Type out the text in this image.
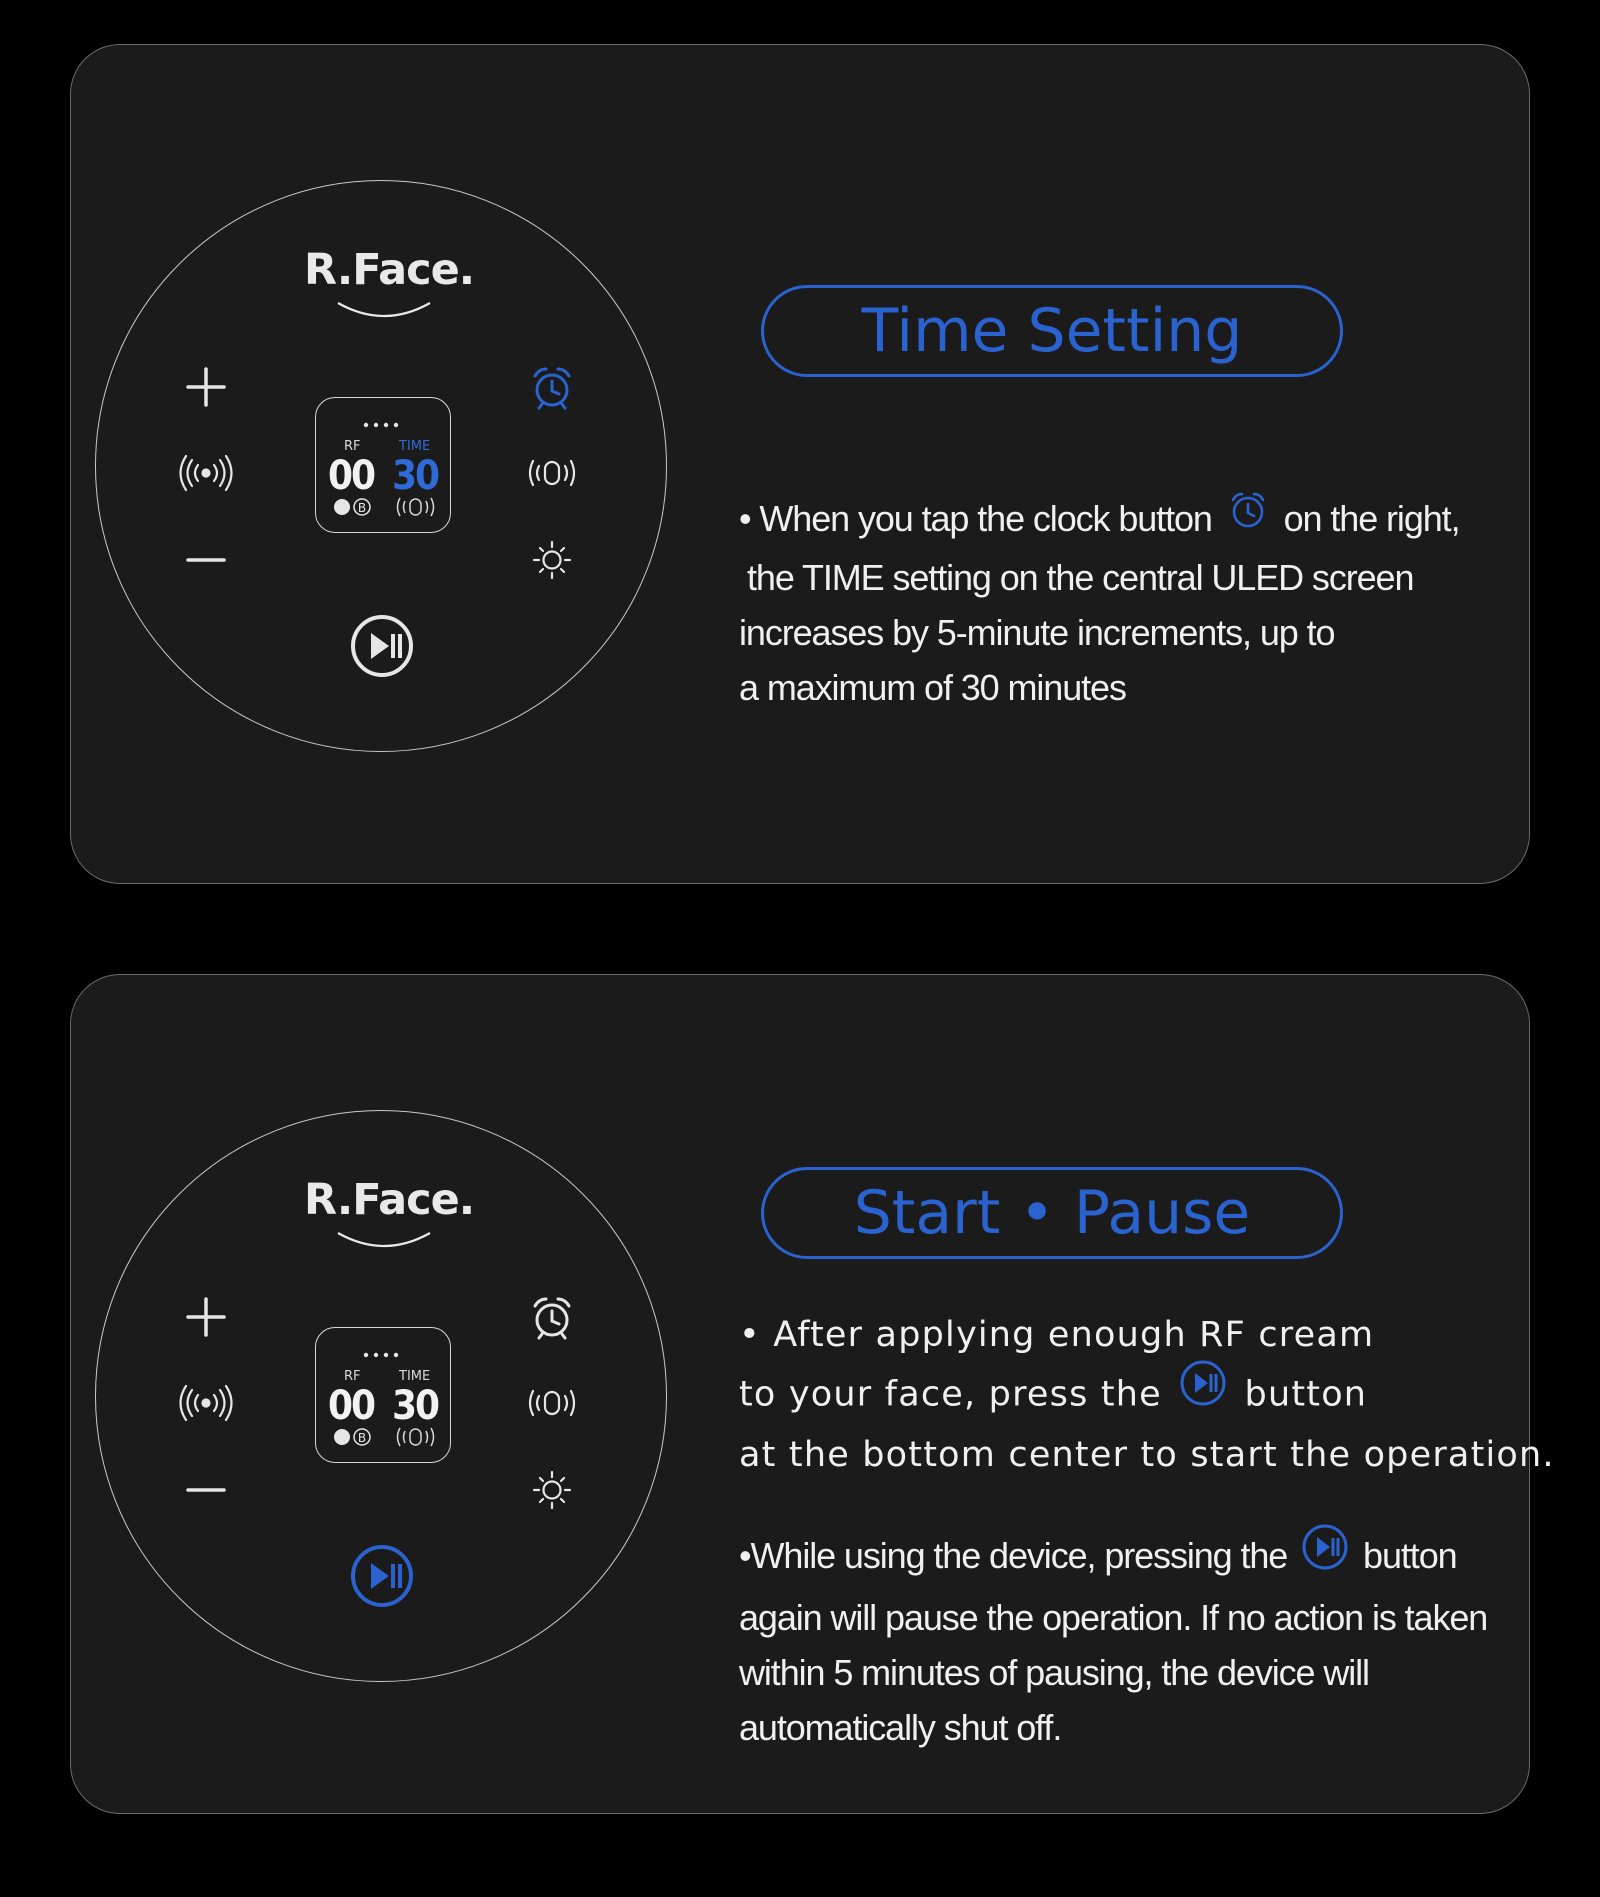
R.Face.
B
RF	TIME
00 30
Time Setting
• When you tap the clock button on the right,
the TIME setting on the central ULED screen
increases by 5-minute increments, up to
a maximum of 30 minutes
R.Face.
B
RF	TIME
00 30
Start • Pause
• After applying enough RF cream
to your face, press the button
at the bottom center to start the operation.
•While using the device, pressing the button
again will pause the operation. If no action is taken
within 5 minutes of pausing, the device will
automatically shut off.
